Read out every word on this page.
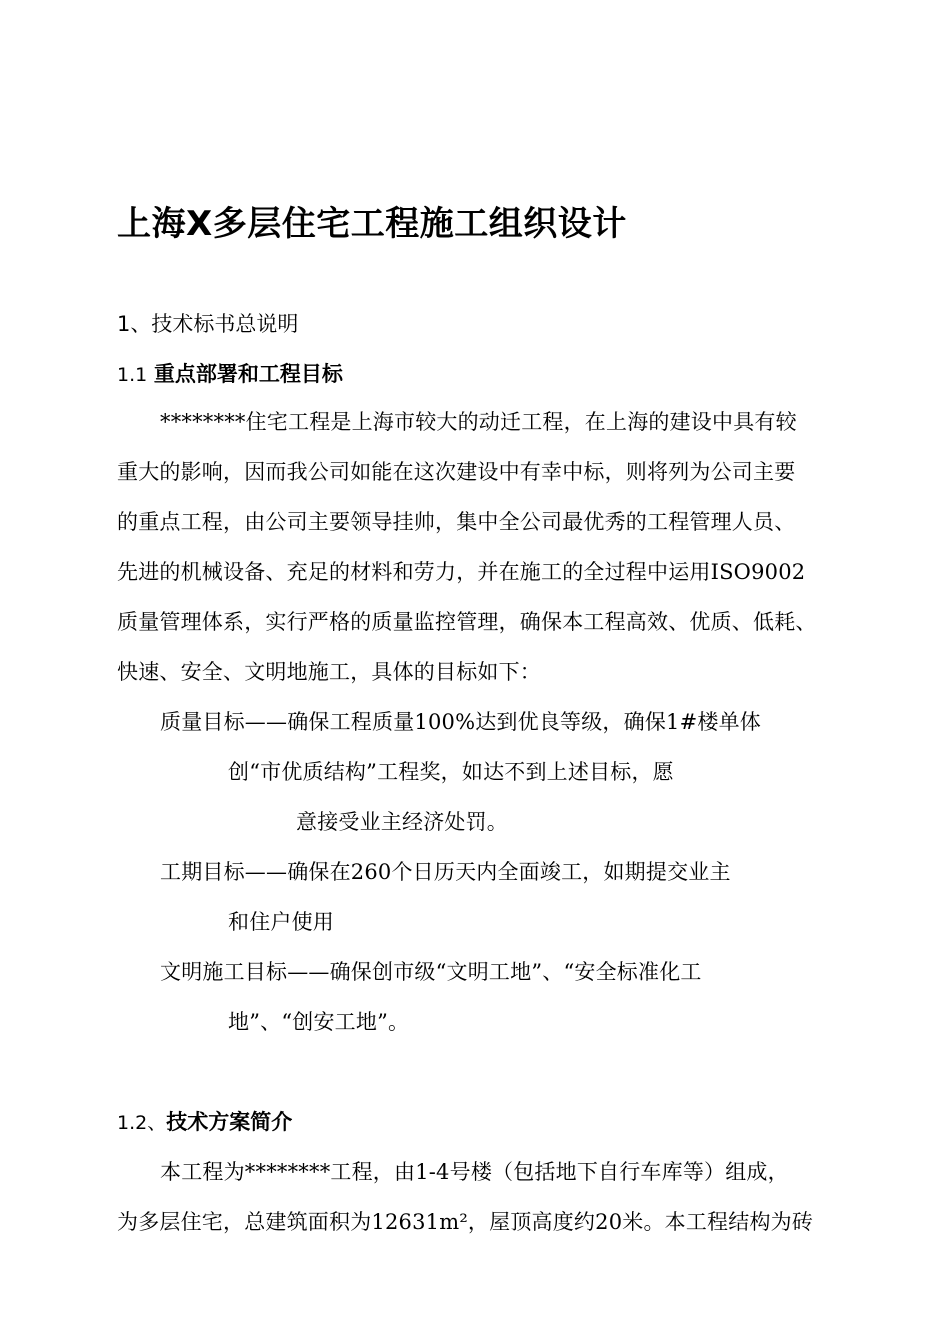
上海X多层住宅工程施工组织设计
1、技术标书总说明
1.1 重点部署和工程目标
********住宅工程是上海市较大的动迁工程，在上海的建设中具有较
重大的影响，因而我公司如能在这次建设中有幸中标，则将列为公司主要
的重点工程，由公司主要领导挂帅，集中全公司最优秀的工程管理人员、
先进的机械设备、充足的材料和劳力，并在施工的全过程中运用ISO9002
质量管理体系，实行严格的质量监控管理，确保本工程高效、优质、低耗、
快速、安全、文明地施工，具体的目标如下：
质量目标——确保工程质量100%达到优良等级，确保1#楼单体
创“市优质结构”工程奖，如达不到上述目标，愿
意接受业主经济处罚。
工期目标——确保在260个日历天内全面竣工，如期提交业主
和住户使用
文明施工目标——确保创市级“文明工地”、“安全标准化工
地”、“创安工地”。
1.2、技术方案简介
本工程为********工程，由1-4号楼（包括地下自行车库等）组成，
为多层住宅，总建筑面积为12631m²，屋顶高度约20米。本工程结构为砖
